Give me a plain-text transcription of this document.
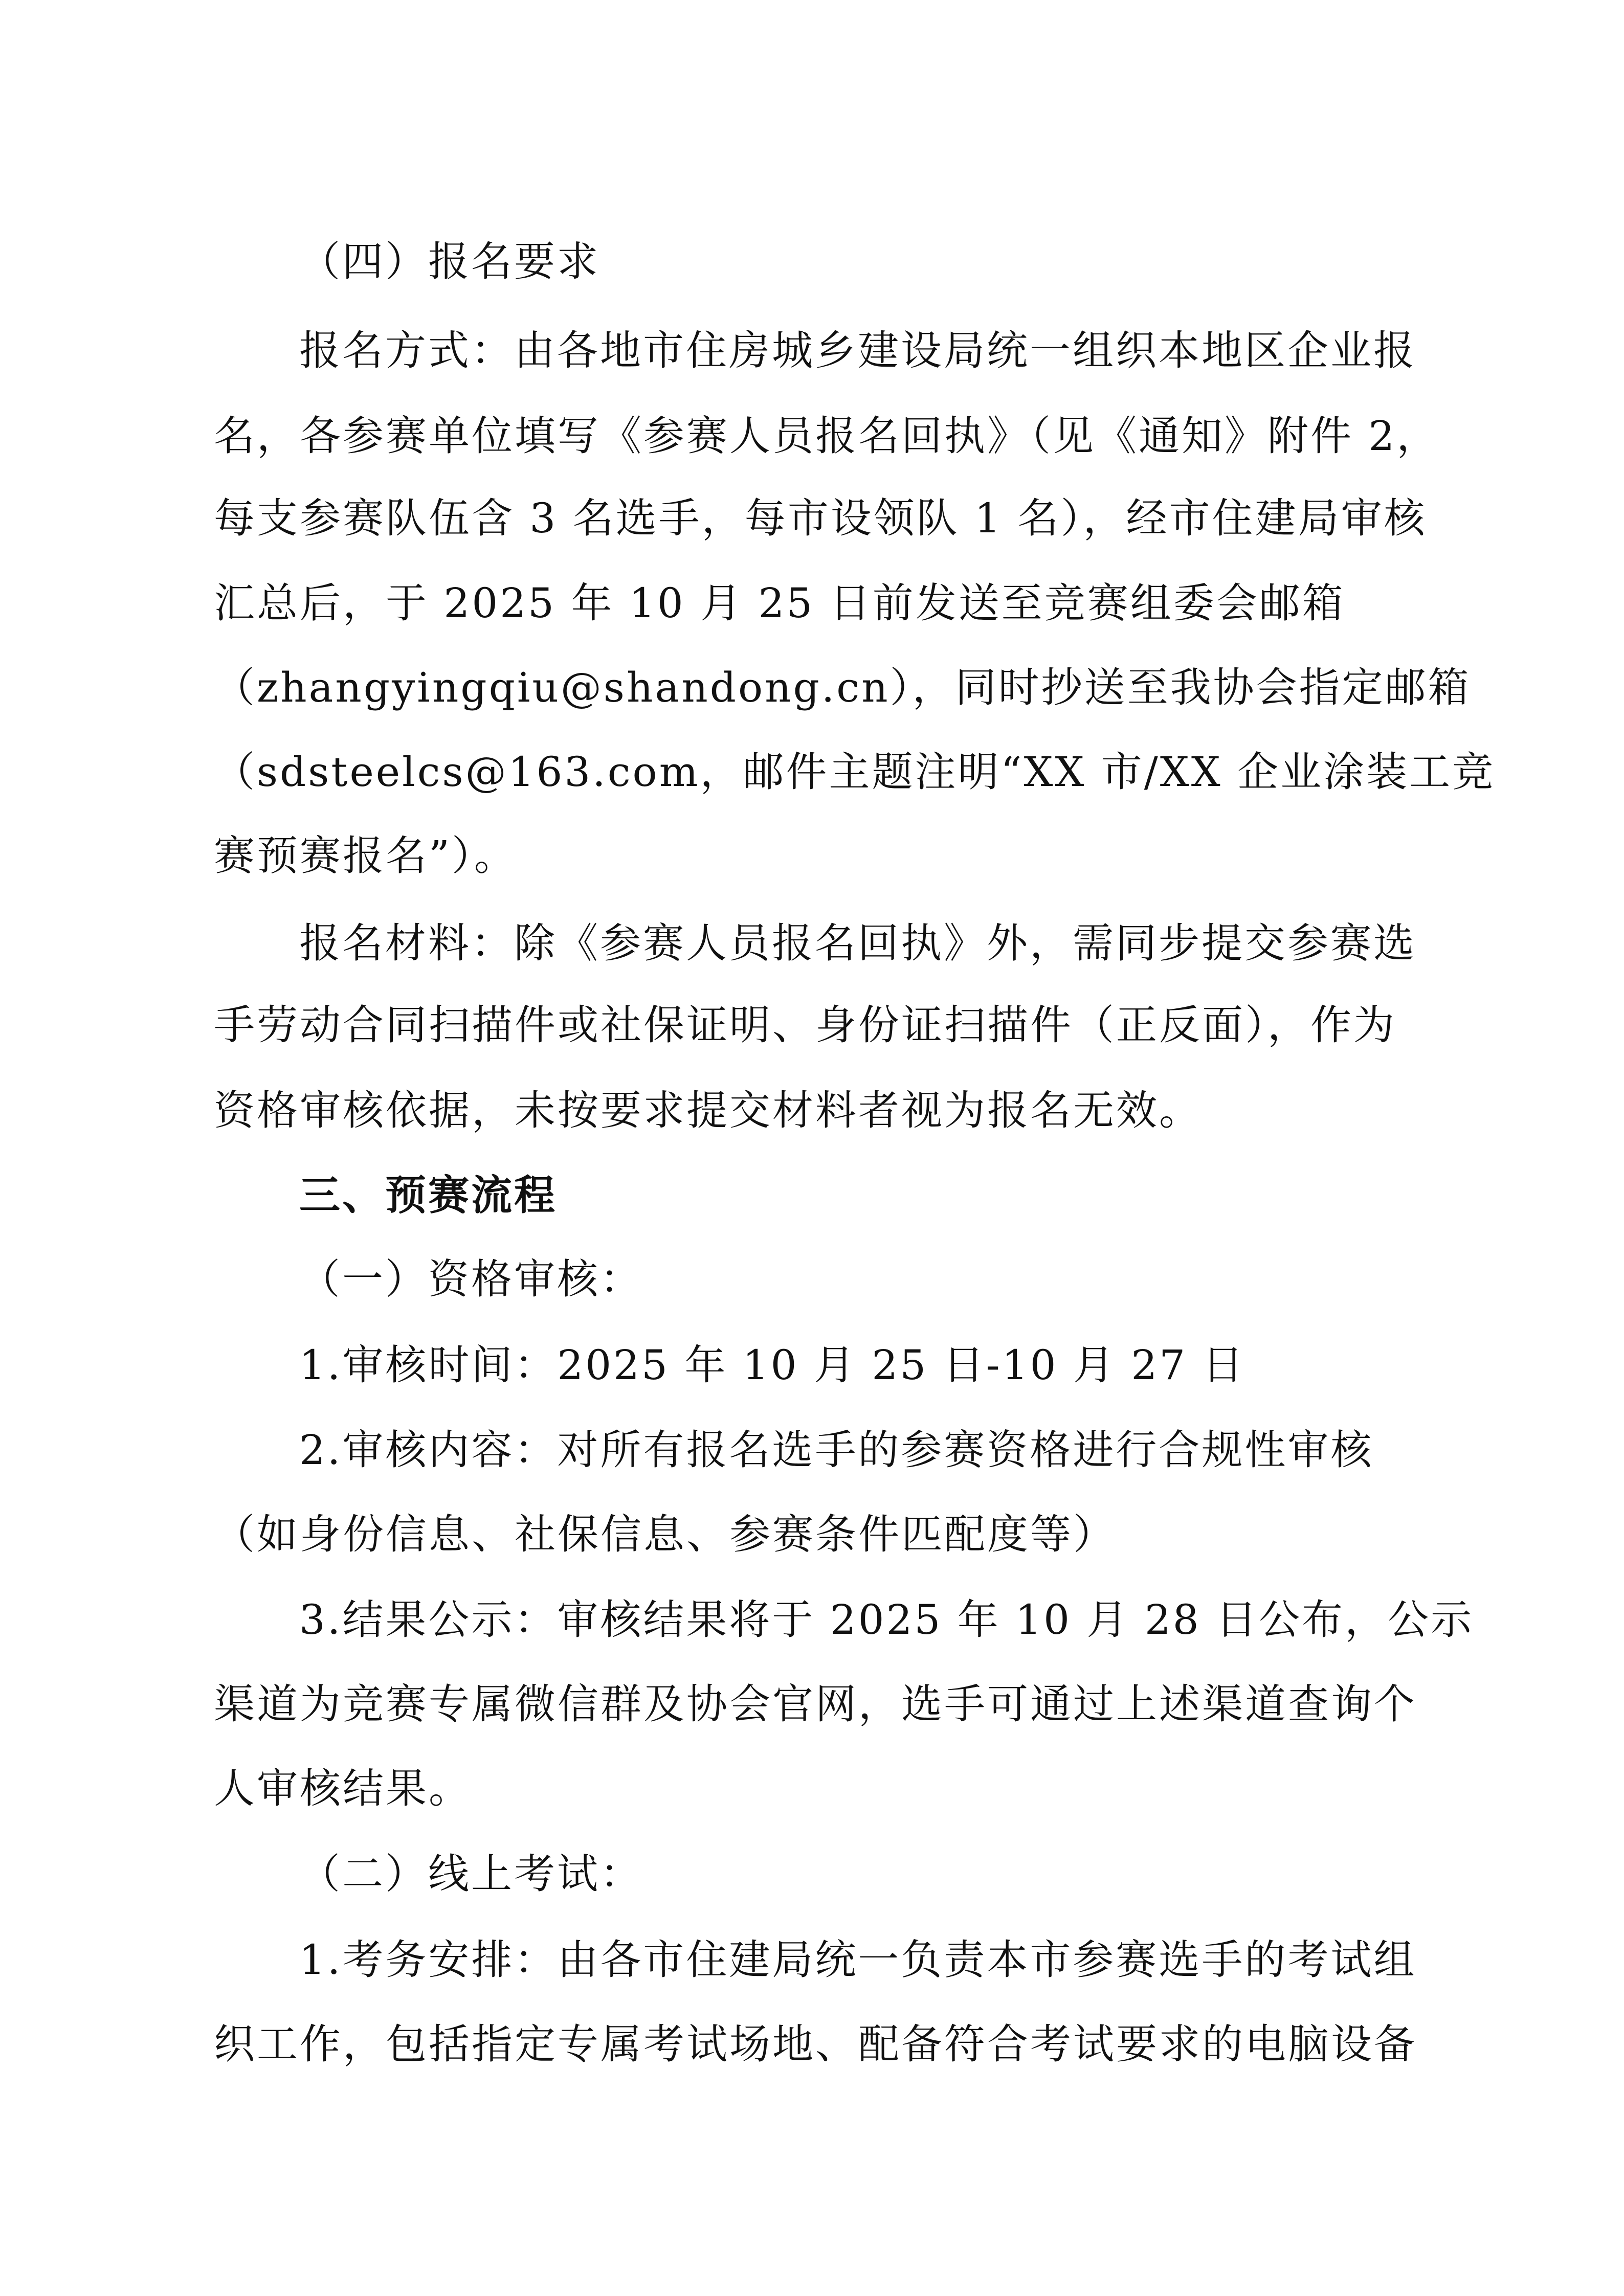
（四）报名要求
报名方式：由各地市住房城乡建设局统一组织本地区企业报
名，各参赛单位填写《参赛人员报名回执》（见《通知》附件 2，
每支参赛队伍含 3 名选手，每市设领队 1 名），经市住建局审核
汇总后，于 2025 年 10 月 25 日前发送至竞赛组委会邮箱
（zhangyingqiu@shandong.cn），同时抄送至我协会指定邮箱
（sdsteelcs@163.com，邮件主题注明“XX 市/XX 企业涂装工竞
赛预赛报名”）。
报名材料：除《参赛人员报名回执》外，需同步提交参赛选
手劳动合同扫描件或社保证明、身份证扫描件（正反面），作为
资格审核依据，未按要求提交材料者视为报名无效。
三、预赛流程
（一）资格审核：
1.审核时间：2025 年 10 月 25 日-10 月 27 日
2.审核内容：对所有报名选手的参赛资格进行合规性审核
（如身份信息、社保信息、参赛条件匹配度等）
3.结果公示：审核结果将于 2025 年 10 月 28 日公布，公示
渠道为竞赛专属微信群及协会官网，选手可通过上述渠道查询个
人审核结果。
（二）线上考试：
1.考务安排：由各市住建局统一负责本市参赛选手的考试组
织工作，包括指定专属考试场地、配备符合考试要求的电脑设备
